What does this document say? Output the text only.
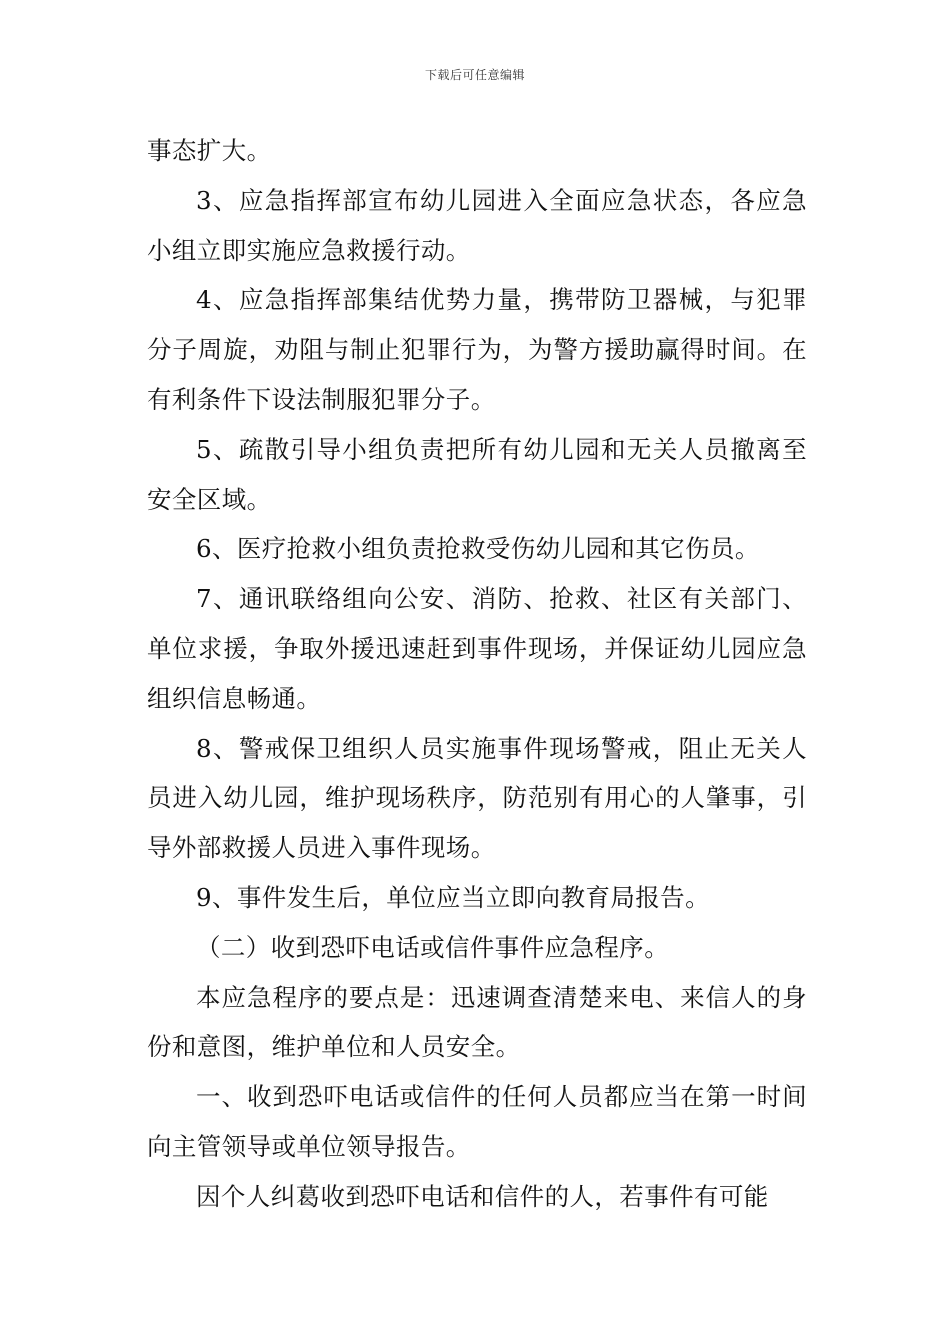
下载后可任意编辑

事态扩大。

3、应急指挥部宣布幼儿园进入全面应急状态，各应急小组立即实施应急救援行动。

4、应急指挥部集结优势力量，携带防卫器械，与犯罪分子周旋，劝阻与制止犯罪行为，为警方援助赢得时间。在有利条件下设法制服犯罪分子。

5、疏散引导小组负责把所有幼儿园和无关人员撤离至安全区域。

6、医疗抢救小组负责抢救受伤幼儿园和其它伤员。

7、通讯联络组向公安、消防、抢救、社区有关部门、单位求援，争取外援迅速赶到事件现场，并保证幼儿园应急组织信息畅通。

8、警戒保卫组织人员实施事件现场警戒，阻止无关人员进入幼儿园，维护现场秩序，防范别有用心的人肇事，引导外部救援人员进入事件现场。

9、事件发生后，单位应当立即向教育局报告。

（二）收到恐吓电话或信件事件应急程序。

本应急程序的要点是：迅速调查清楚来电、来信人的身份和意图，维护单位和人员安全。

一、收到恐吓电话或信件的任何人员都应当在第一时间向主管领导或单位领导报告。

因个人纠葛收到恐吓电话和信件的人，若事件有可能
